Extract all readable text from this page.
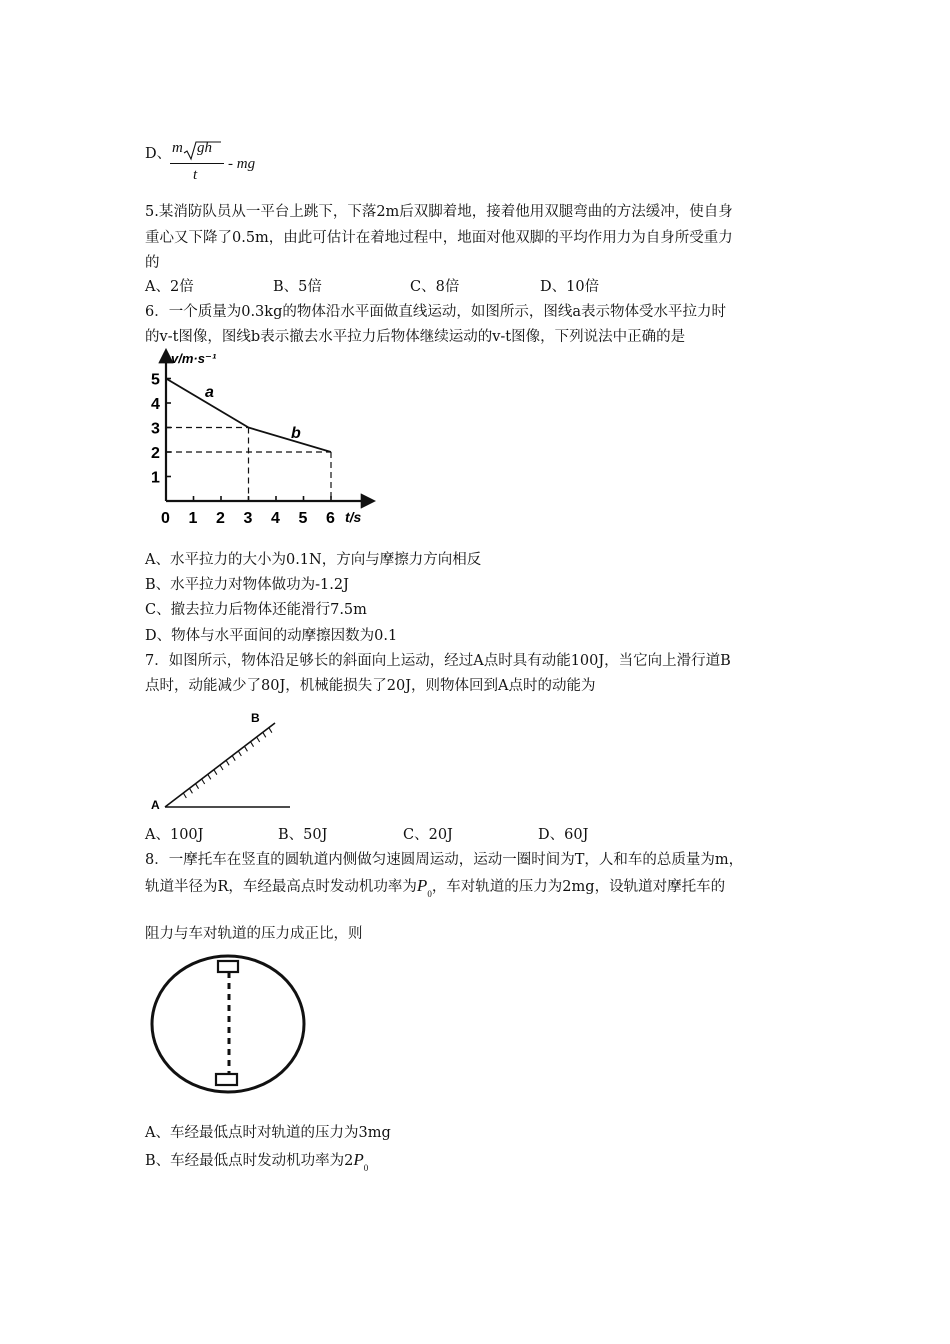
D、 m gh
t
- mg
5.某消防队员从一平台上跳下，下落2m后双脚着地，接着他用双腿弯曲的方法缓冲，使自身
重心又下降了0.5m，由此可估计在着地过程中，地面对他双脚的平均作用力为自身所受重力
的
A、2倍	B、5倍	C、8倍	D、10倍
6．一个质量为0.3kg的物体沿水平面做直线运动，如图所示，图线a表示物体受水平拉力时
的v-t图像，图线b表示撤去水平拉力后物体继续运动的v-t图像，下列说法中正确的是
1
2
3
4
5
0 1 2 3 4 5 6
v/m·s⁻¹
t/s
a
b
A、水平拉力的大小为0.1N，方向与摩擦力方向相反
B、水平拉力对物体做功为-1.2J
C、撤去拉力后物体还能滑行7.5m
D、物体与水平面间的动摩擦因数为0.1
7．如图所示，物体沿足够长的斜面向上运动，经过A点时具有动能100J，当它向上滑行道B
点时，动能减少了80J，机械能损失了20J，则物体回到A点时的动能为
A
B
A、100J	B、50J	C、20J	D、60J
8．一摩托车在竖直的圆轨道内侧做匀速圆周运动，运动一圈时间为T，人和车的总质量为m，
轨道半径为R，车经最高点时发动机功率为$P_0$，车对轨道的压力为2mg，设轨道对摩托车的
阻力与车对轨道的压力成正比，则
A、车经最低点时对轨道的压力为3mg
B、车经最低点时发动机功率为$2P_0$
